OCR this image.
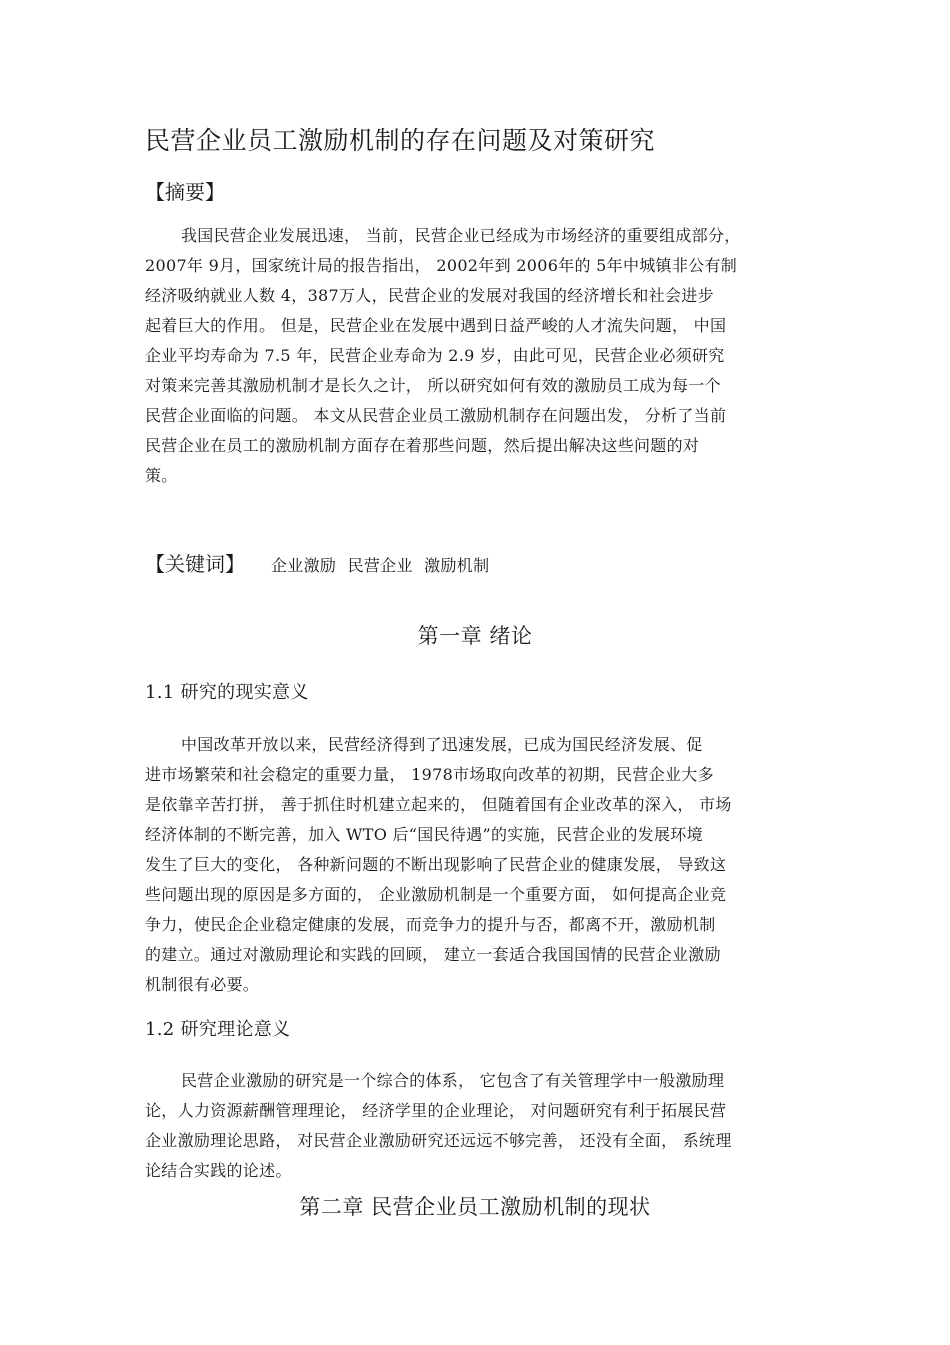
民营企业员工激励机制的存在问题及对策研究
【摘要】
我国民营企业发展迅速， 当前，民营企业已经成为市场经济的重要组成部分，
2007年 9月，国家统计局的报告指出， 2002年到 2006年的 5年中城镇非公有制
经济吸纳就业人数 4，387万人，民营企业的发展对我国的经济增长和社会进步
起着巨大的作用。 但是，民营企业在发展中遇到日益严峻的人才流失问题， 中国
企业平均寿命为 7.5 年，民营企业寿命为 2.9 岁，由此可见，民营企业必须研究
对策来完善其激励机制才是长久之计， 所以研究如何有效的激励员工成为每一个
民营企业面临的问题。 本文从民营企业员工激励机制存在问题出发， 分析了当前
民营企业在员工的激励机制方面存在着那些问题，然后提出解决这些问题的对
策。
【关键词】 企业激励 民营企业 激励机制
第一章 绪论
1.1 研究的现实意义
中国改革开放以来，民营经济得到了迅速发展，已成为国民经济发展、促
进市场繁荣和社会稳定的重要力量， 1978市场取向改革的初期，民营企业大多
是依靠辛苦打拼， 善于抓住时机建立起来的， 但随着国有企业改革的深入， 市场
经济体制的不断完善，加入 WTO 后“国民待遇”的实施，民营企业的发展环境
发生了巨大的变化， 各种新问题的不断出现影响了民营企业的健康发展， 导致这
些问题出现的原因是多方面的， 企业激励机制是一个重要方面， 如何提高企业竞
争力，使民企企业稳定健康的发展，而竞争力的提升与否，都离不开，激励机制
的建立。通过对激励理论和实践的回顾， 建立一套适合我国国情的民营企业激励
机制很有必要。
1.2 研究理论意义
民营企业激励的研究是一个综合的体系， 它包含了有关管理学中一般激励理
论，人力资源薪酬管理理论， 经济学里的企业理论， 对问题研究有利于拓展民营
企业激励理论思路， 对民营企业激励研究还远远不够完善， 还没有全面， 系统理
论结合实践的论述。
第二章 民营企业员工激励机制的现状
